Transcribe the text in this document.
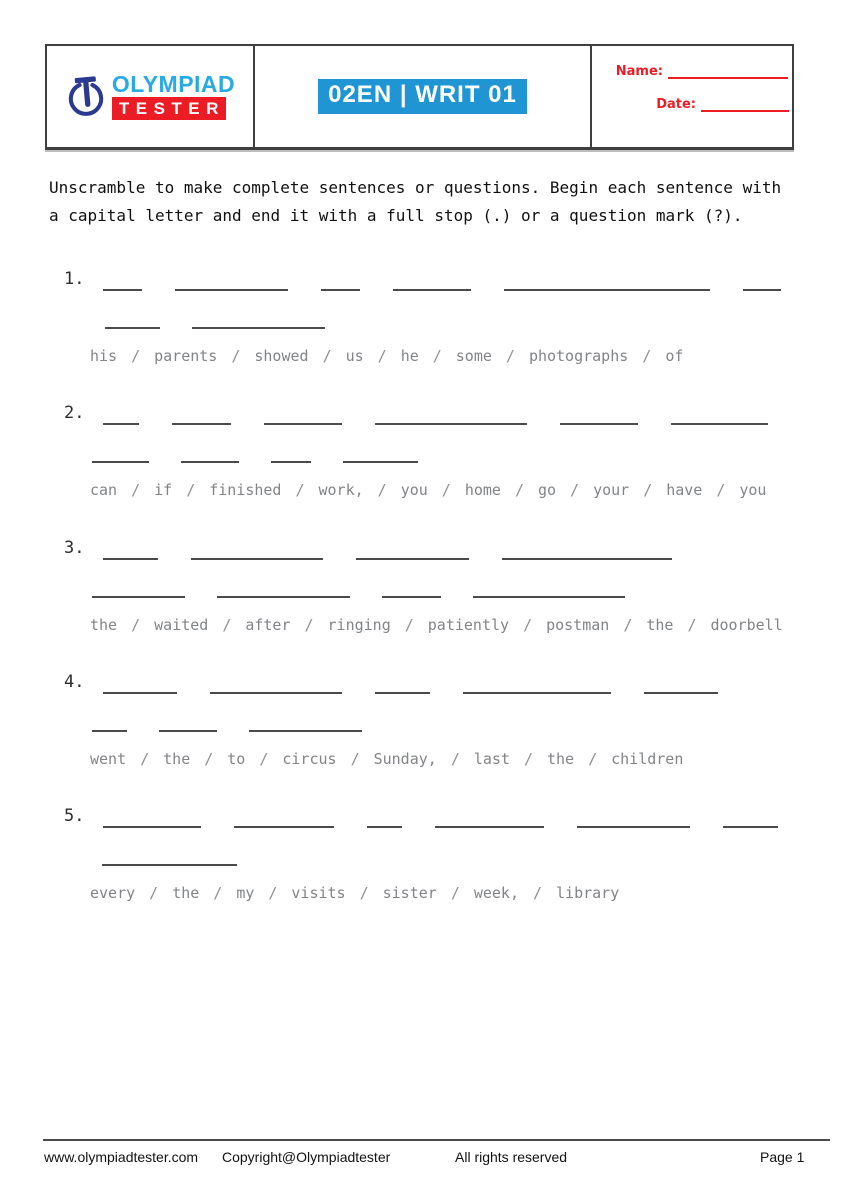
OLYMPIAD
TESTER
02EN | WRIT 01
Name:
Date:
Unscramble to make complete sentences or questions. Begin each sentence with a capital letter and end it with a full stop (.) or a question mark (?).
1.
his / parents / showed / us / he / some / photographs / of
2.
can / if / finished / work, / you / home / go / your / have / you
3.
the / waited / after / ringing / patiently / postman / the / doorbell
4.
went / the / to / circus / Sunday, / last / the / children
5.
every / the / my / visits / sister / week, / library
www.olympiadtester.com Copyright@Olympiadtester	All rights reserved	Page 1
